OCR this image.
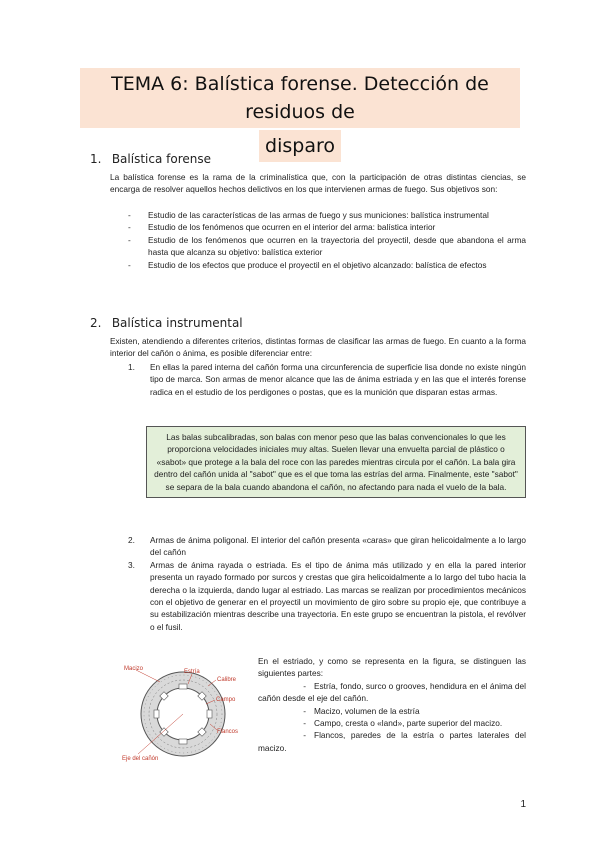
TEMA 6: Balística forense. Detección de residuos de
disparo
1. Balística forense
La balística forense es la rama de la criminalística que, con la participación de otras distintas ciencias, se encarga de resolver aquellos hechos delictivos en los que intervienen armas de fuego. Sus objetivos son:
- Estudio de las características de las armas de fuego y sus municiones: balística instrumental
- Estudio de los fenómenos que ocurren en el interior del arma: balística interior
- Estudio de los fenómenos que ocurren en la trayectoria del proyectil, desde que abandona el arma hasta que alcanza su objetivo: balística exterior
- Estudio de los efectos que produce el proyectil en el objetivo alcanzado: balística de efectos
2. Balística instrumental
Existen, atendiendo a diferentes criterios, distintas formas de clasificar las armas de fuego. En cuanto a la forma interior del cañón o ánima, es posible diferenciar entre:
1. En ellas la pared interna del cañón forma una circunferencia de superficie lisa donde no existe ningún tipo de marca. Son armas de menor alcance que las de ánima estriada y en las que el interés forense radica en el estudio de los perdigones o postas, que es la munición que disparan estas armas.
Las balas subcalibradas, son balas con menor peso que las balas convencionales lo que les proporciona velocidades iniciales muy altas. Suelen llevar una envuelta parcial de plástico o «sabot» que protege a la bala del roce con las paredes mientras circula por el cañón. La bala gira dentro del cañón unida al "sabot" que es el que toma las estrías del arma. Finalmente, este "sabot" se separa de la bala cuando abandona el cañón, no afectando para nada el vuelo de la bala.
2. Armas de ánima poligonal. El interior del cañón presenta «caras» que giran helicoidalmente a lo largo del cañón
3. Armas de ánima rayada o estriada. Es el tipo de ánima más utilizado y en ella la pared interior presenta un rayado formado por surcos y crestas que gira helicoidalmente a lo largo del tubo hacia la derecha o la izquierda, dando lugar al estriado. Las marcas se realizan por procedimientos mecánicos con el objetivo de generar en el proyectil un movimiento de giro sobre su propio eje, que contribuye a su estabilización mientras describe una trayectoria. En este grupo se encuentran la pistola, el revólver o el fusil.
Macizo	Estría
Calibre
Campo
Flancos
Eje del cañón
En el estriado, y como se representa en la figura, se distinguen las siguientes partes:
- Estría, fondo, surco o grooves, hendidura en el ánima del cañón desde el eje del cañón.
- Macizo, volumen de la estría
- Campo, cresta o «land», parte superior del macizo.
- Flancos, paredes de la estría o partes laterales del macizo.
1
